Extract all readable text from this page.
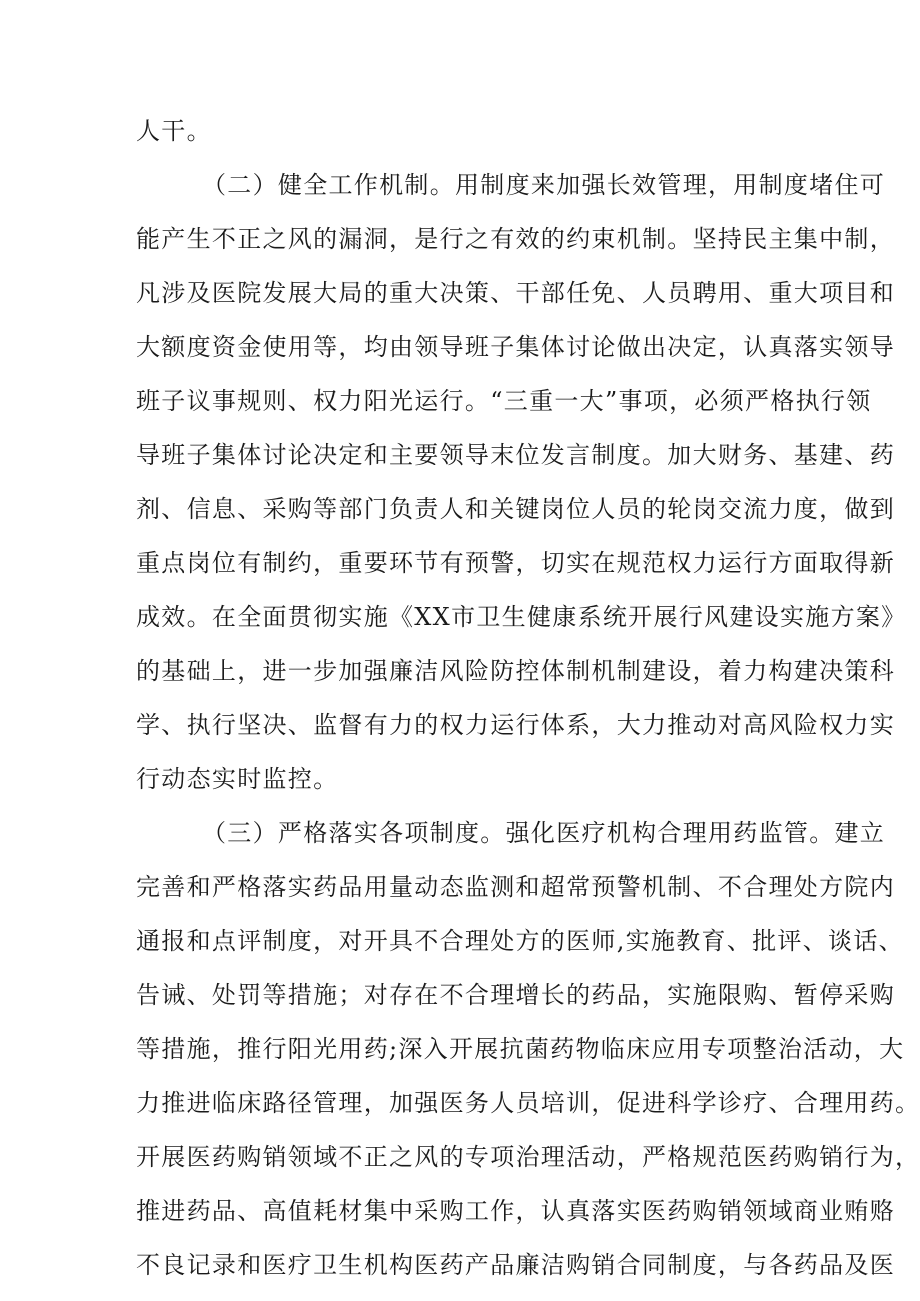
人干。
（二）健全工作机制。用制度来加强长效管理，用制度堵住可
能产生不正之风的漏洞，是行之有效的约束机制。坚持民主集中制，
凡涉及医院发展大局的重大决策、干部任免、人员聘用、重大项目和
大额度资金使用等，均由领导班子集体讨论做出决定，认真落实领导
班子议事规则、权力阳光运行。“三重一大”事项，必须严格执行领
导班子集体讨论决定和主要领导末位发言制度。加大财务、基建、药
剂、信息、采购等部门负责人和关键岗位人员的轮岗交流力度，做到
重点岗位有制约，重要环节有预警，切实在规范权力运行方面取得新
成效。在全面贯彻实施《XX市卫生健康系统开展行风建设实施方案》
的基础上，进一步加强廉洁风险防控体制机制建设，着力构建决策科
学、执行坚决、监督有力的权力运行体系，大力推动对高风险权力实
行动态实时监控。
（三）严格落实各项制度。强化医疗机构合理用药监管。建立
完善和严格落实药品用量动态监测和超常预警机制、不合理处方院内
通报和点评制度，对开具不合理处方的医师,实施教育、批评、谈话、
告诫、处罚等措施；对存在不合理增长的药品，实施限购、暂停采购
等措施，推行阳光用药;深入开展抗菌药物临床应用专项整治活动，大
力推进临床路径管理，加强医务人员培训，促进科学诊疗、合理用药。
开展医药购销领域不正之风的专项治理活动，严格规范医药购销行为，
推进药品、高值耗材集中采购工作，认真落实医药购销领域商业贿赂
不良记录和医疗卫生机构医药产品廉洁购销合同制度，与各药品及医
